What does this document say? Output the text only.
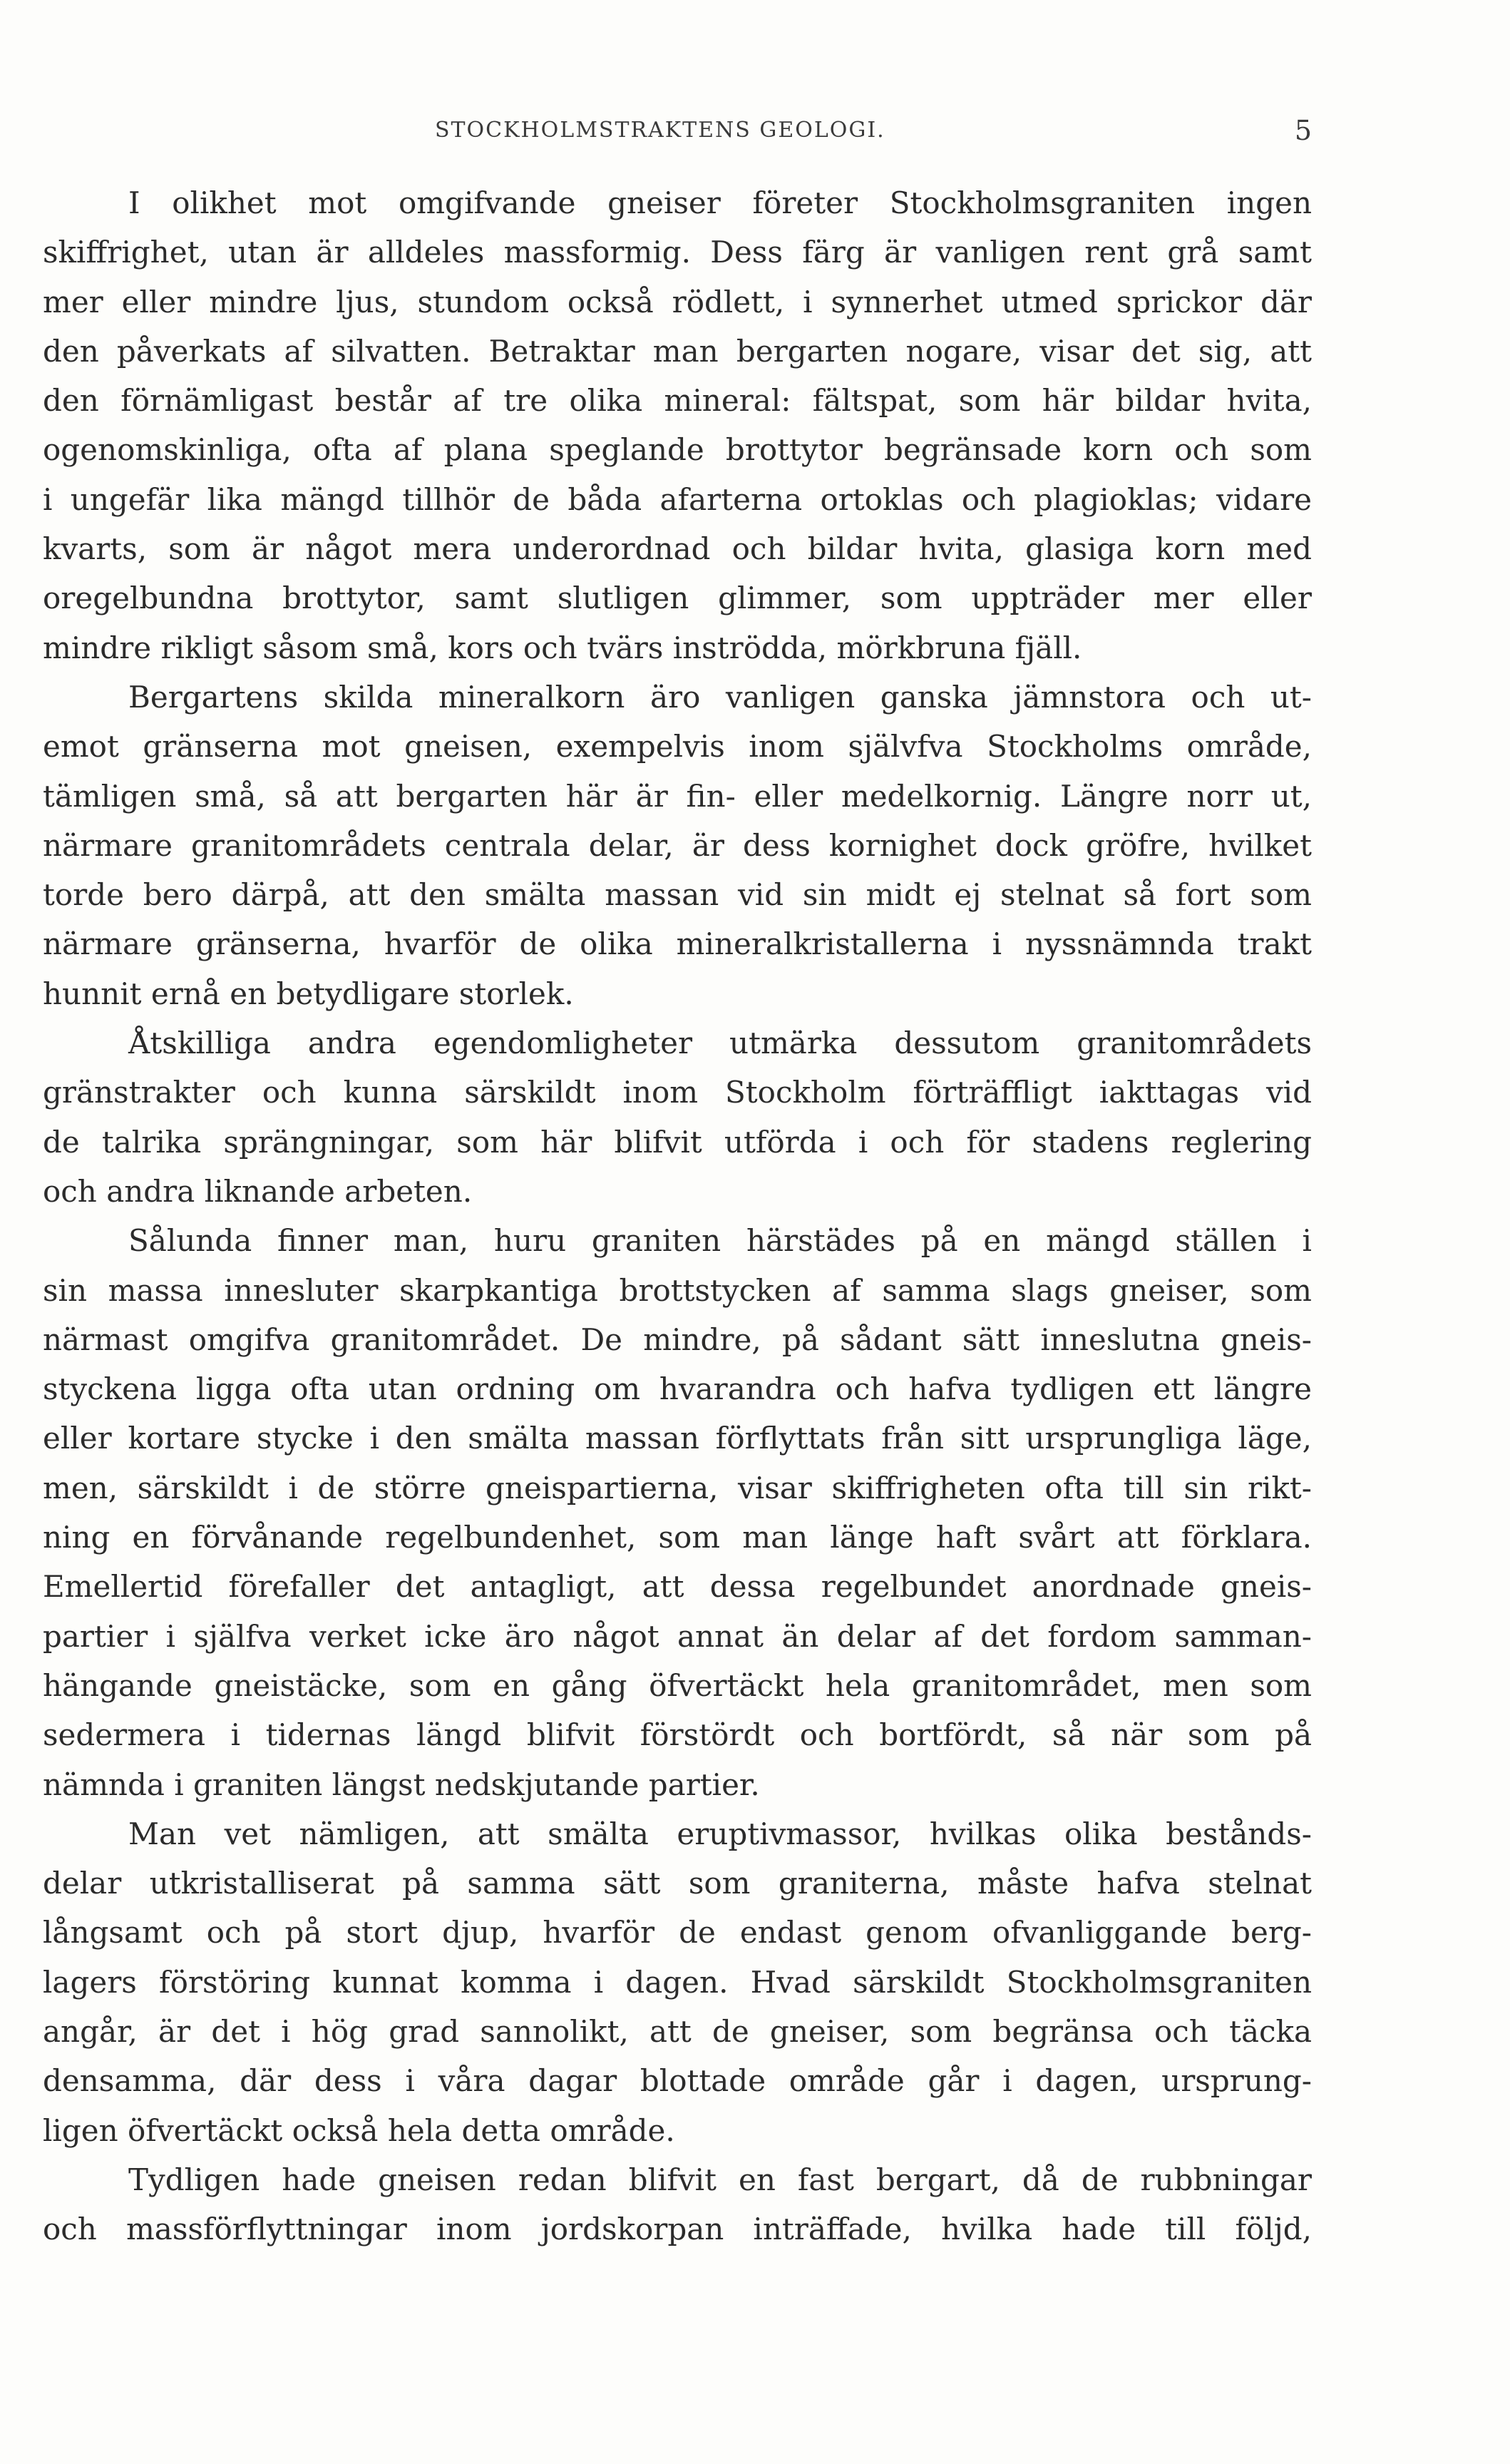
STOCKHOLMSTRAKTENS GEOLOGI.	5
I olikhet mot omgifvande gneiser företer Stockholmsgraniten ingen
skiffrighet, utan är alldeles massformig. Dess färg är vanligen rent grå samt
mer eller mindre ljus, stundom också rödlett, i synnerhet utmed sprickor där
den påverkats af silvatten. Betraktar man bergarten nogare, visar det sig, att
den förnämligast består af tre olika mineral: fältspat, som här bildar hvita,
ogenomskinliga, ofta af plana speglande brottytor begränsade korn och som
i ungefär lika mängd tillhör de båda afarterna ortoklas och plagioklas; vidare
kvarts, som är något mera underordnad och bildar hvita, glasiga korn med
oregelbundna brottytor, samt slutligen glimmer, som uppträder mer eller
mindre rikligt såsom små, kors och tvärs inströdda, mörkbruna fjäll.
Bergartens skilda mineralkorn äro vanligen ganska jämnstora och ut-
emot gränserna mot gneisen, exempelvis inom självfva Stockholms område,
tämligen små, så att bergarten här är fin- eller medelkornig. Längre norr ut,
närmare granitområdets centrala delar, är dess kornighet dock gröfre, hvilket
torde bero därpå, att den smälta massan vid sin midt ej stelnat så fort som
närmare gränserna, hvarför de olika mineralkristallerna i nyssnämnda trakt
hunnit ernå en betydligare storlek.
Åtskilliga andra egendomligheter utmärka dessutom granitområdets
gränstrakter och kunna särskildt inom Stockholm förträffligt iakttagas vid
de talrika sprängningar, som här blifvit utförda i och för stadens reglering
och andra liknande arbeten.
Sålunda finner man, huru graniten härstädes på en mängd ställen i
sin massa innesluter skarpkantiga brottstycken af samma slags gneiser, som
närmast omgifva granitområdet. De mindre, på sådant sätt inneslutna gneis-
styckena ligga ofta utan ordning om hvarandra och hafva tydligen ett längre
eller kortare stycke i den smälta massan förflyttats från sitt ursprungliga läge,
men, särskildt i de större gneispartierna, visar skiffrigheten ofta till sin rikt-
ning en förvånande regelbundenhet, som man länge haft svårt att förklara.
Emellertid förefaller det antagligt, att dessa regelbundet anordnade gneis-
partier i själfva verket icke äro något annat än delar af det fordom samman-
hängande gneistäcke, som en gång öfvertäckt hela granitområdet, men som
sedermera i tidernas längd blifvit förstördt och bortfördt, så när som på
nämnda i graniten längst nedskjutande partier.
Man vet nämligen, att smälta eruptivmassor, hvilkas olika bestånds-
delar utkristalliserat på samma sätt som graniterna, måste hafva stelnat
långsamt och på stort djup, hvarför de endast genom ofvanliggande berg-
lagers förstöring kunnat komma i dagen. Hvad särskildt Stockholmsgraniten
angår, är det i hög grad sannolikt, att de gneiser, som begränsa och täcka
densamma, där dess i våra dagar blottade område går i dagen, ursprung-
ligen öfvertäckt också hela detta område.
Tydligen hade gneisen redan blifvit en fast bergart, då de rubbningar
och massförflyttningar inom jordskorpan inträffade, hvilka hade till följd,
